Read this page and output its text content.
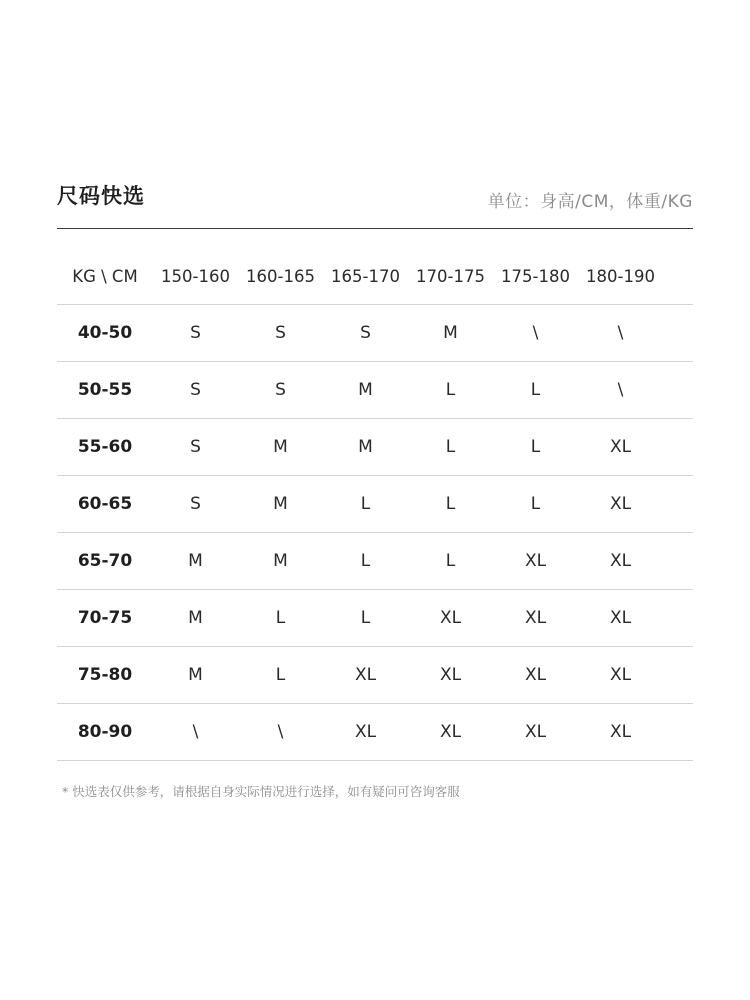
尺码快选	单位：身高/CM，体重/KG
KG \ CM	150-160 160-165 165-170 170-175 175-180 180-190
40-50	S	S	S	M	\	\
50-55	S	S	M	L	L	\
55-60	S	M	M	L	L	XL
60-65	S	M	L	L	L	XL
65-70	M	M	L	L	XL	XL
70-75	M	L	L	XL	XL	XL
75-80	M	L	XL	XL	XL	XL
80-90	\	\	XL	XL	XL	XL
* 快选表仅供参考，请根据自身实际情况进行选择，如有疑问可咨询客服
